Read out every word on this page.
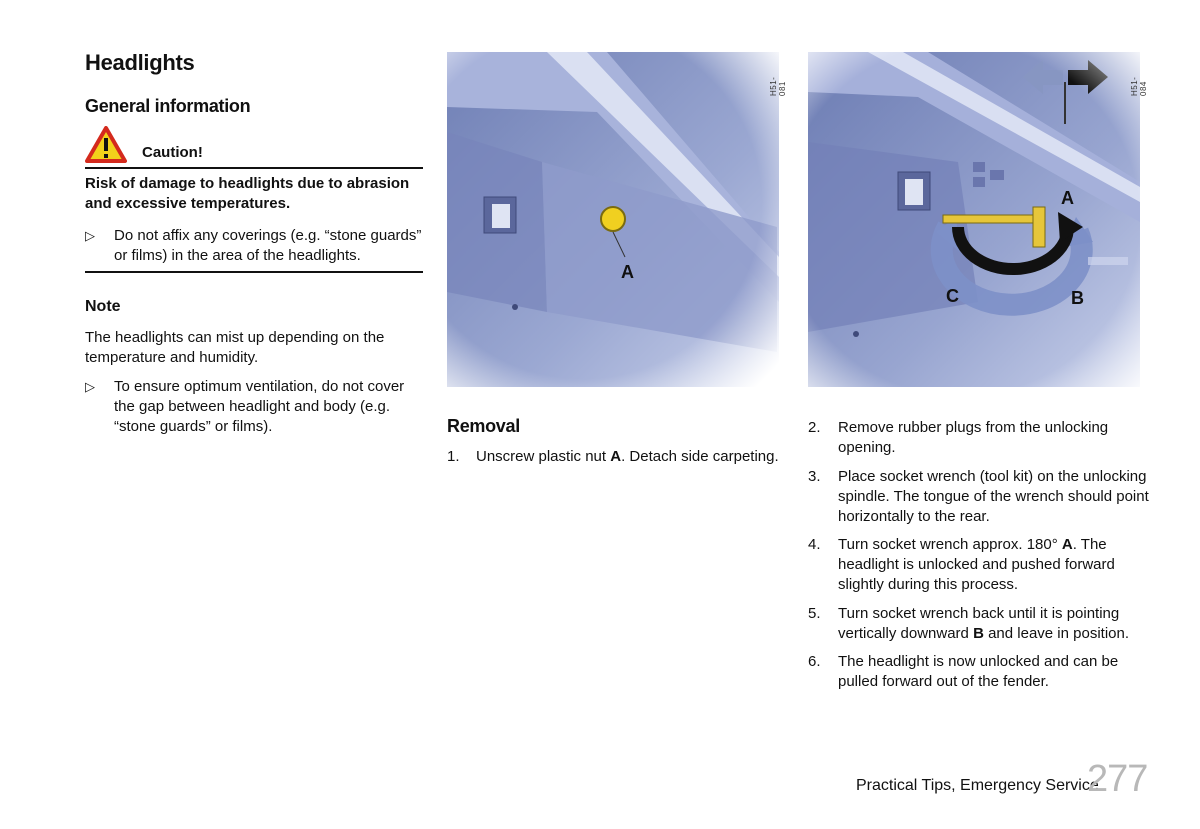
Headlights
General information
Caution!
Risk of damage to headlights due to abrasion and excessive temperatures.
▷ Do not affix any coverings (e.g. “stone guards” or films) in the area of the headlights.
Note
The headlights can mist up depending on the temperature and humidity.
▷ To ensure optimum ventilation, do not cover the gap between headlight and body (e.g. “stone guards” or films).
A
H51-081
A
B
C
H51-084
Removal
1. Unscrew plastic nut A. Detach side carpeting.
2. Remove rubber plugs from the unlocking opening.
3. Place socket wrench (tool kit) on the unlocking spindle. The tongue of the wrench should point horizontally to the rear.
4. Turn socket wrench approx. 180° A. The headlight is unlocked and pushed forward slightly during this process.
5. Turn socket wrench back until it is pointing vertically downward B and leave in position.
6. The headlight is now unlocked and can be pulled forward out of the fender.
Practical Tips, Emergency Service
277
